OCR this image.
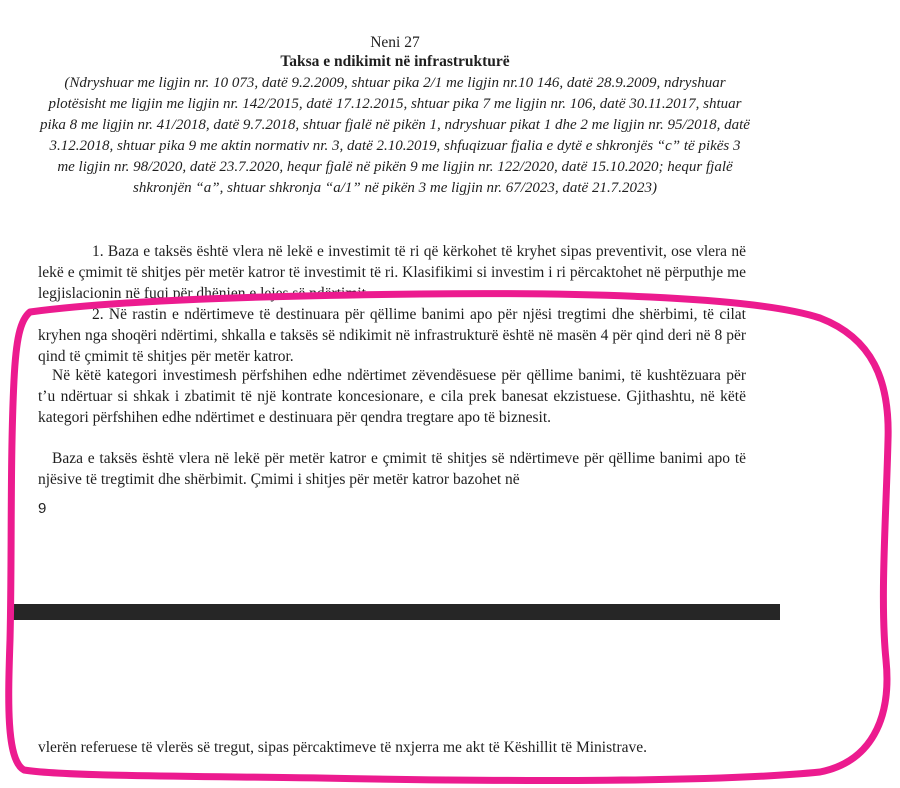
Neni 27
Taksa e ndikimit në infrastrukturë
(Ndryshuar me ligjin nr. 10 073, datë 9.2.2009, shtuar pika 2/1 me ligjin nr.10 146, datë 28.9.2009, ndryshuar plotësisht me ligjin me ligjin nr. 142/2015, datë 17.12.2015, shtuar pika 7 me ligjin nr. 106, datë 30.11.2017, shtuar pika 8 me ligjin nr. 41/2018, datë 9.7.2018, shtuar fjalë në pikën 1, ndryshuar pikat 1 dhe 2 me ligjin nr. 95/2018, datë 3.12.2018, shtuar pika 9 me aktin normativ nr. 3, datë 2.10.2019, shfuqizuar fjalia e dytë e shkronjës “c” të pikës 3 me ligjin nr. 98/2020, datë 23.7.2020, hequr fjalë në pikën 9 me ligjin nr. 122/2020, datë 15.10.2020; hequr fjalë shkronjën “a”, shtuar shkronja “a/1” në pikën 3 me ligjin nr. 67/2023, datë 21.7.2023)

1. Baza e taksës është vlera në lekë e investimit të ri që kërkohet të kryhet sipas preventivit, ose vlera në lekë e çmimit të shitjes për metër katror të investimit të ri. Klasifikimi si investim i ri përcaktohet në përputhje me legjislacionin në fuqi për dhënien e lejes së ndërtimit.

2. Në rastin e ndërtimeve të destinuara për qëllime banimi apo për njësi tregtimi dhe shërbimi, të cilat kryhen nga shoqëri ndërtimi, shkalla e taksës së ndikimit në infrastrukturë është në masën 4 për qind deri në 8 për qind të çmimit të shitjes për metër katror.

Në këtë kategori investimesh përfshihen edhe ndërtimet zëvendësuese për qëllime banimi, të kushtëzuara për t’u ndërtuar si shkak i zbatimit të një kontrate koncesionare, e cila prek banesat ekzistuese. Gjithashtu, në këtë kategori përfshihen edhe ndërtimet e destinuara për qendra tregtare apo të biznesit.

Baza e taksës është vlera në lekë për metër katror e çmimit të shitjes së ndërtimeve për qëllime banimi apo të njësive të tregtimit dhe shërbimit. Çmimi i shitjes për metër katror bazohet në

9

vlerën referuese të vlerës së tregut, sipas përcaktimeve të nxjerra me akt të Këshillit të Ministrave.
